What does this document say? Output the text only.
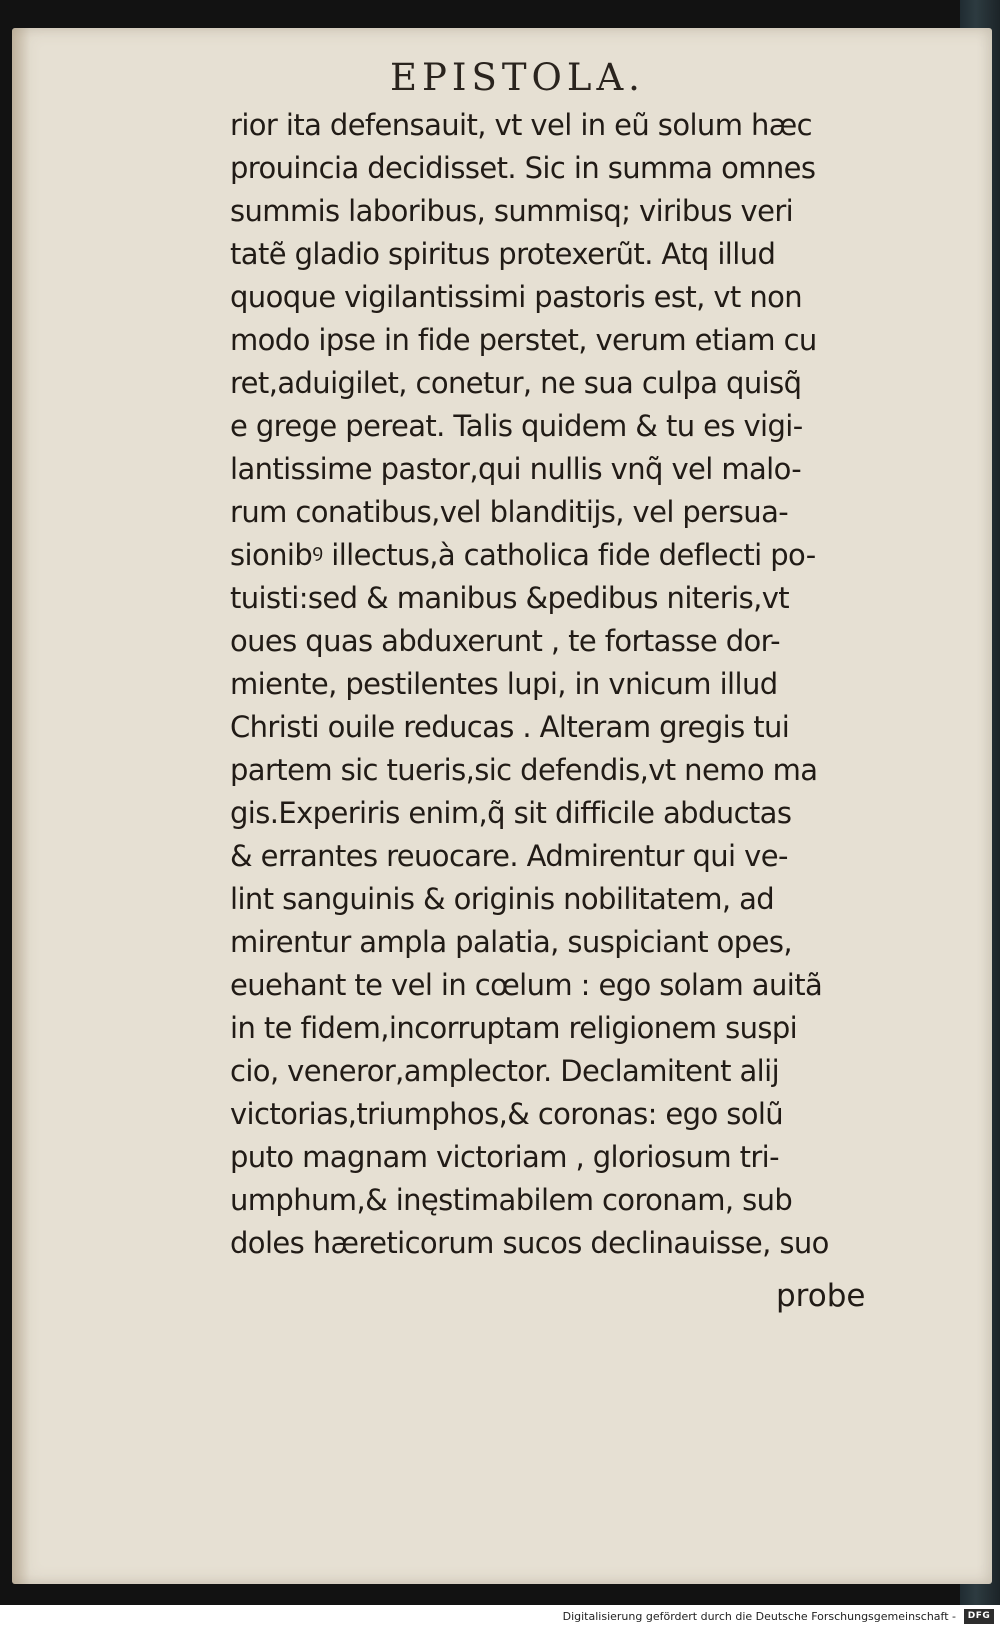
EPISTOLA.
rior ita defensauit, vt vel in eũ solum hæc
prouincia decidisset. Sic in summa omnes
summis laboribus, summisq; viribus veri
tatẽ gladio spiritus protexerũt. Atq illud
quoque vigilantissimi pastoris est, vt non
modo ipse in fide perstet, verum etiam cu
ret,aduigilet, conetur, ne sua culpa quisq̃
e grege pereat. Talis quidem & tu es vigi-
lantissime pastor,qui nullis vnq̃ vel malo-
rum conatibus,vel blanditijs, vel persua-
sionibꝰ illectus,à catholica fide deflecti po-
tuisti:sed & manibus &pedibus niteris,vt
oues quas abduxerunt , te fortasse dor-
miente, pestilentes lupi, in vnicum illud
Christi ouile reducas . Alteram gregis tui
partem sic tueris,sic defendis,vt nemo ma
gis.Experiris enim,q̃ sit difficile abductas
& errantes reuocare. Admirentur qui ve-
lint sanguinis & originis nobilitatem, ad
mirentur ampla palatia, suspiciant opes,
euehant te vel in cœlum : ego solam auitã
in te fidem,incorruptam religionem suspi
cio, veneror,amplector. Declamitent alij
victorias,triumphos,& coronas: ego solũ
puto magnam victoriam , gloriosum tri-
umphum,& inęstimabilem coronam, sub
doles hæreticorum sucos declinauisse, suo
probe
Digitalisierung gefördert durch die Deutsche Forschungsgemeinschaft -	DFG
